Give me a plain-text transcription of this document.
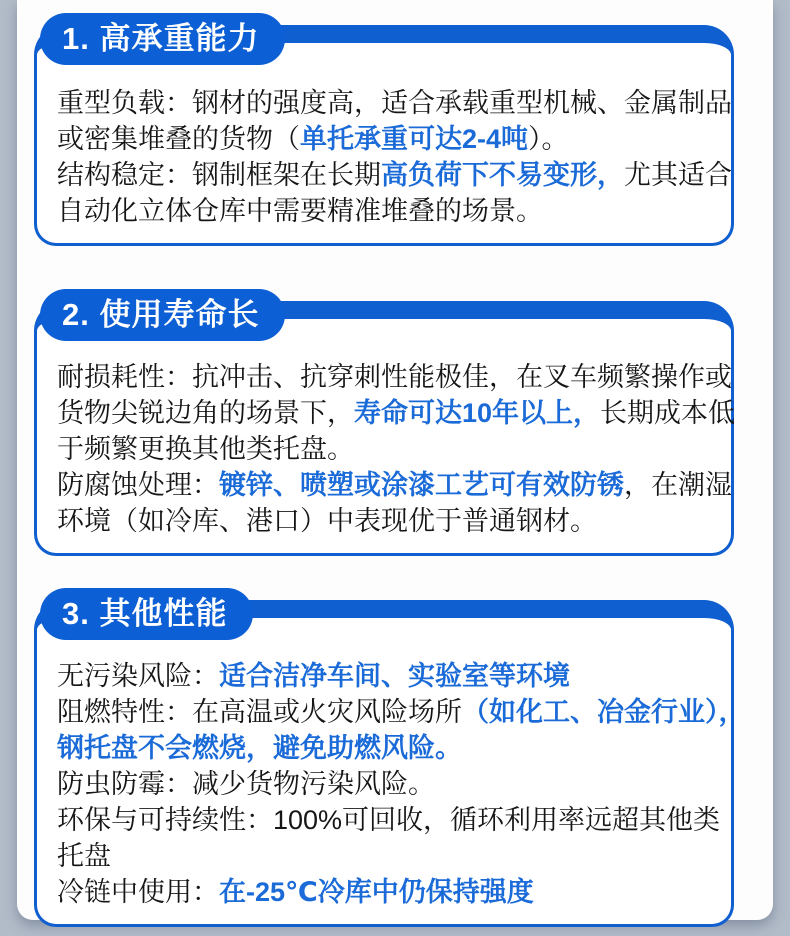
1. 高承重能力
重型负载：钢材的强度高，适合承载重型机械、金属制品
或密集堆叠的货物（单托承重可达2-4吨）。
结构稳定：钢制框架在长期高负荷下不易变形，尤其适合
自动化立体仓库中需要精准堆叠的场景。
2. 使用寿命长
耐损耗性：抗冲击、抗穿刺性能极佳，在叉车频繁操作或
货物尖锐边角的场景下，寿命可达10年以上，长期成本低
于频繁更换其他类托盘。
防腐蚀处理：镀锌、喷塑或涂漆工艺可有效防锈，在潮湿
环境（如冷库、港口）中表现优于普通钢材。
3. 其他性能
无污染风险：适合洁净车间、实验室等环境
阻燃特性：在高温或火灾风险场所（如化工、冶金行业），
钢托盘不会燃烧，避免助燃风险。
防虫防霉：减少货物污染风险。
环保与可持续性：100%可回收，循环利用率远超其他类
托盘
冷链中使用：在-25℃冷库中仍保持强度
